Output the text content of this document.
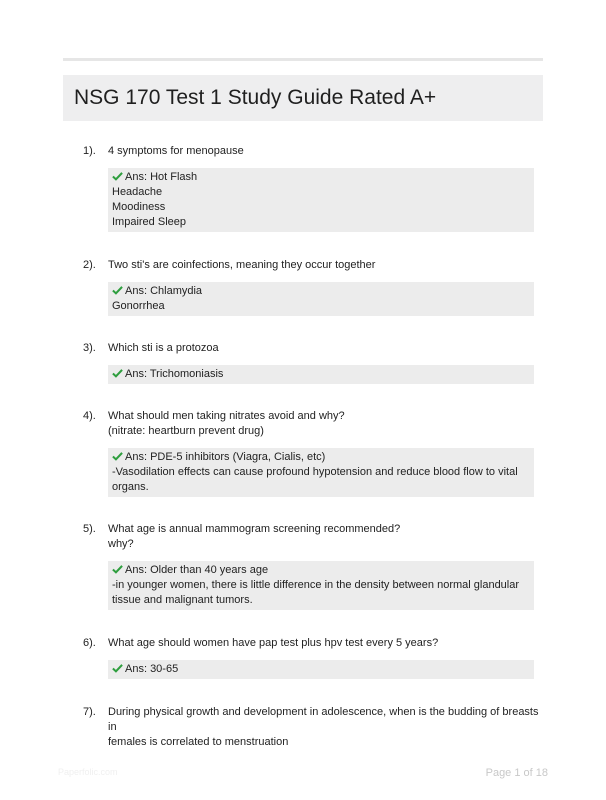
NSG 170 Test 1 Study Guide Rated A+
1). 4 symptoms for menopause
Ans: Hot Flash
Headache
Moodiness
Impaired Sleep
2). Two sti's are coinfections, meaning they occur together
Ans: Chlamydia
Gonorrhea
3). Which sti is a protozoa
Ans: Trichomoniasis
4). What should men taking nitrates avoid and why?
(nitrate: heartburn prevent drug)
Ans: PDE-5 inhibitors (Viagra, Cialis, etc)
-Vasodilation effects can cause profound hypotension and reduce blood flow to vital
organs.
5). What age is annual mammogram screening recommended?
why?
Ans: Older than 40 years age
-in younger women, there is little difference in the density between normal glandular
tissue and malignant tumors.
6). What age should women have pap test plus hpv test every 5 years?
Ans: 30-65
7). During physical growth and development in adolescence, when is the budding of breasts in
females is correlated to menstruation
Paperfolic.com	Page 1 of 18
